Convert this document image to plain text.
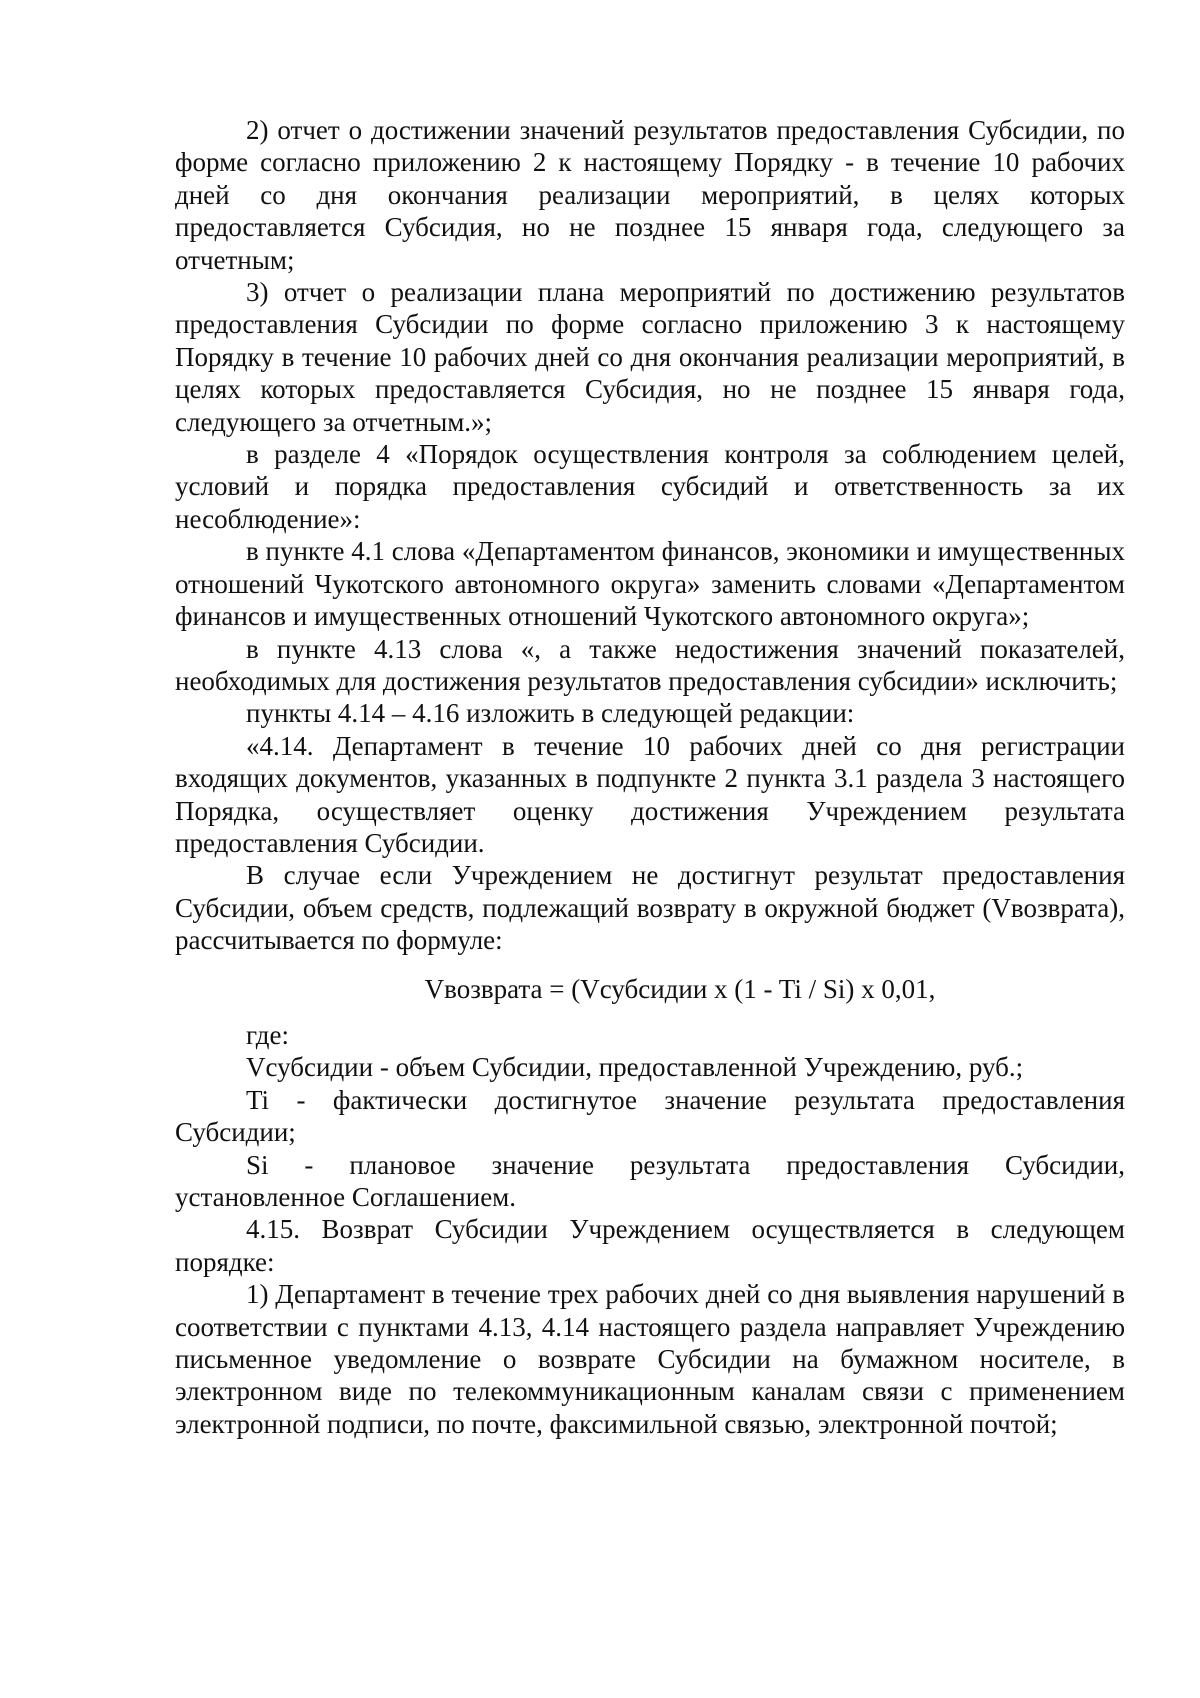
2) отчет о достижении значений результатов предоставления Субсидии, по форме согласно приложению 2 к настоящему Порядку - в течение 10 рабочих дней со дня окончания реализации мероприятий, в целях которых предоставляется Субсидия, но не позднее 15 января года, следующего за отчетным;

3) отчет о реализации плана мероприятий по достижению результатов предоставления Субсидии по форме согласно приложению 3 к настоящему Порядку в течение 10 рабочих дней со дня окончания реализации мероприятий, в целях которых предоставляется Субсидия, но не позднее 15 января года, следующего за отчетным.»;

в разделе 4 «Порядок осуществления контроля за соблюдением целей, условий и порядка предоставления субсидий и ответственность за их несоблюдение»:

в пункте 4.1 слова «Департаментом финансов, экономики и имущественных отношений Чукотского автономного округа» заменить словами «Департаментом финансов и имущественных отношений Чукотского автономного округа»;

в пункте 4.13 слова «, а также недостижения значений показателей, необходимых для достижения результатов предоставления субсидии» исключить;

пункты 4.14 – 4.16 изложить в следующей редакции:

«4.14. Департамент в течение 10 рабочих дней со дня регистрации входящих документов, указанных в подпункте 2 пункта 3.1 раздела 3 настоящего Порядка, осуществляет оценку достижения Учреждением результата предоставления Субсидии.

В случае если Учреждением не достигнут результат предоставления Субсидии, объем средств, подлежащий возврату в окружной бюджет (Vвозврата), рассчитывается по формуле:

Vвозврата = (Vсубсидии x (1 - Ti / Si) x 0,01,

где:

Vсубсидии - объем Субсидии, предоставленной Учреждению, руб.;

Ti - фактически достигнутое значение результата предоставления Субсидии;

Si - плановое значение результата предоставления Субсидии, установленное Соглашением.

4.15. Возврат Субсидии Учреждением осуществляется в следующем порядке:

1) Департамент в течение трех рабочих дней со дня выявления нарушений в соответствии с пунктами 4.13, 4.14 настоящего раздела направляет Учреждению письменное уведомление о возврате Субсидии на бумажном носителе, в электронном виде по телекоммуникационным каналам связи с применением электронной подписи, по почте, факсимильной связью, электронной почтой;
